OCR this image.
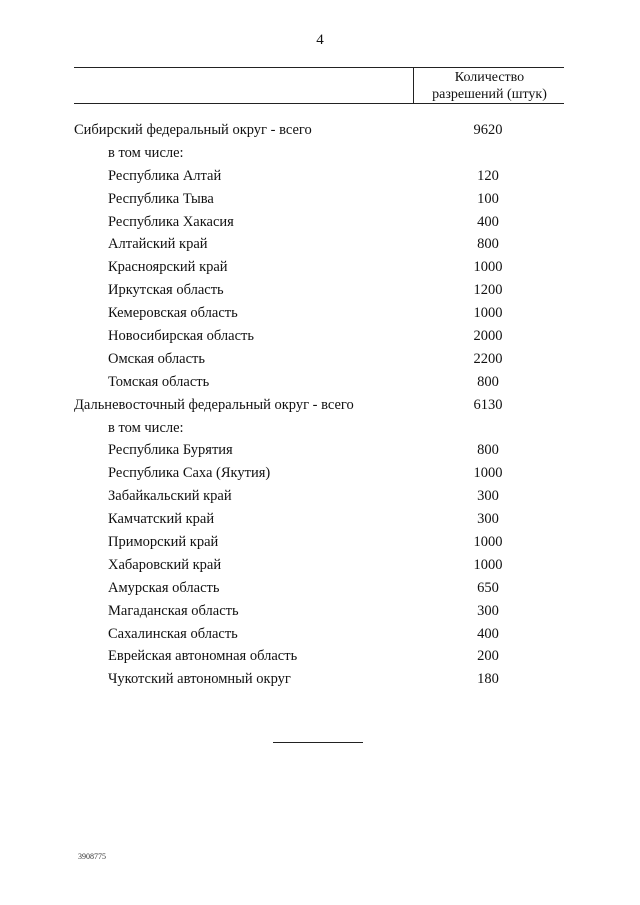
4
Количество
разрешений (штук)
Сибирский федеральный округ - всего	9620
в том числе:
Республика Алтай	120
Республика Тыва	100
Республика Хакасия	400
Алтайский край	800
Красноярский край	1000
Иркутская область	1200
Кемеровская область	1000
Новосибирская область	2000
Омская область	2200
Томская область	800
Дальневосточный федеральный округ - всего	6130
в том числе:
Республика Бурятия	800
Республика Саха (Якутия)	1000
Забайкальский край	300
Камчатский край	300
Приморский край	1000
Хабаровский край	1000
Амурская область	650
Магаданская область	300
Сахалинская область	400
Еврейская автономная область	200
Чукотский автономный округ	180
3908775
